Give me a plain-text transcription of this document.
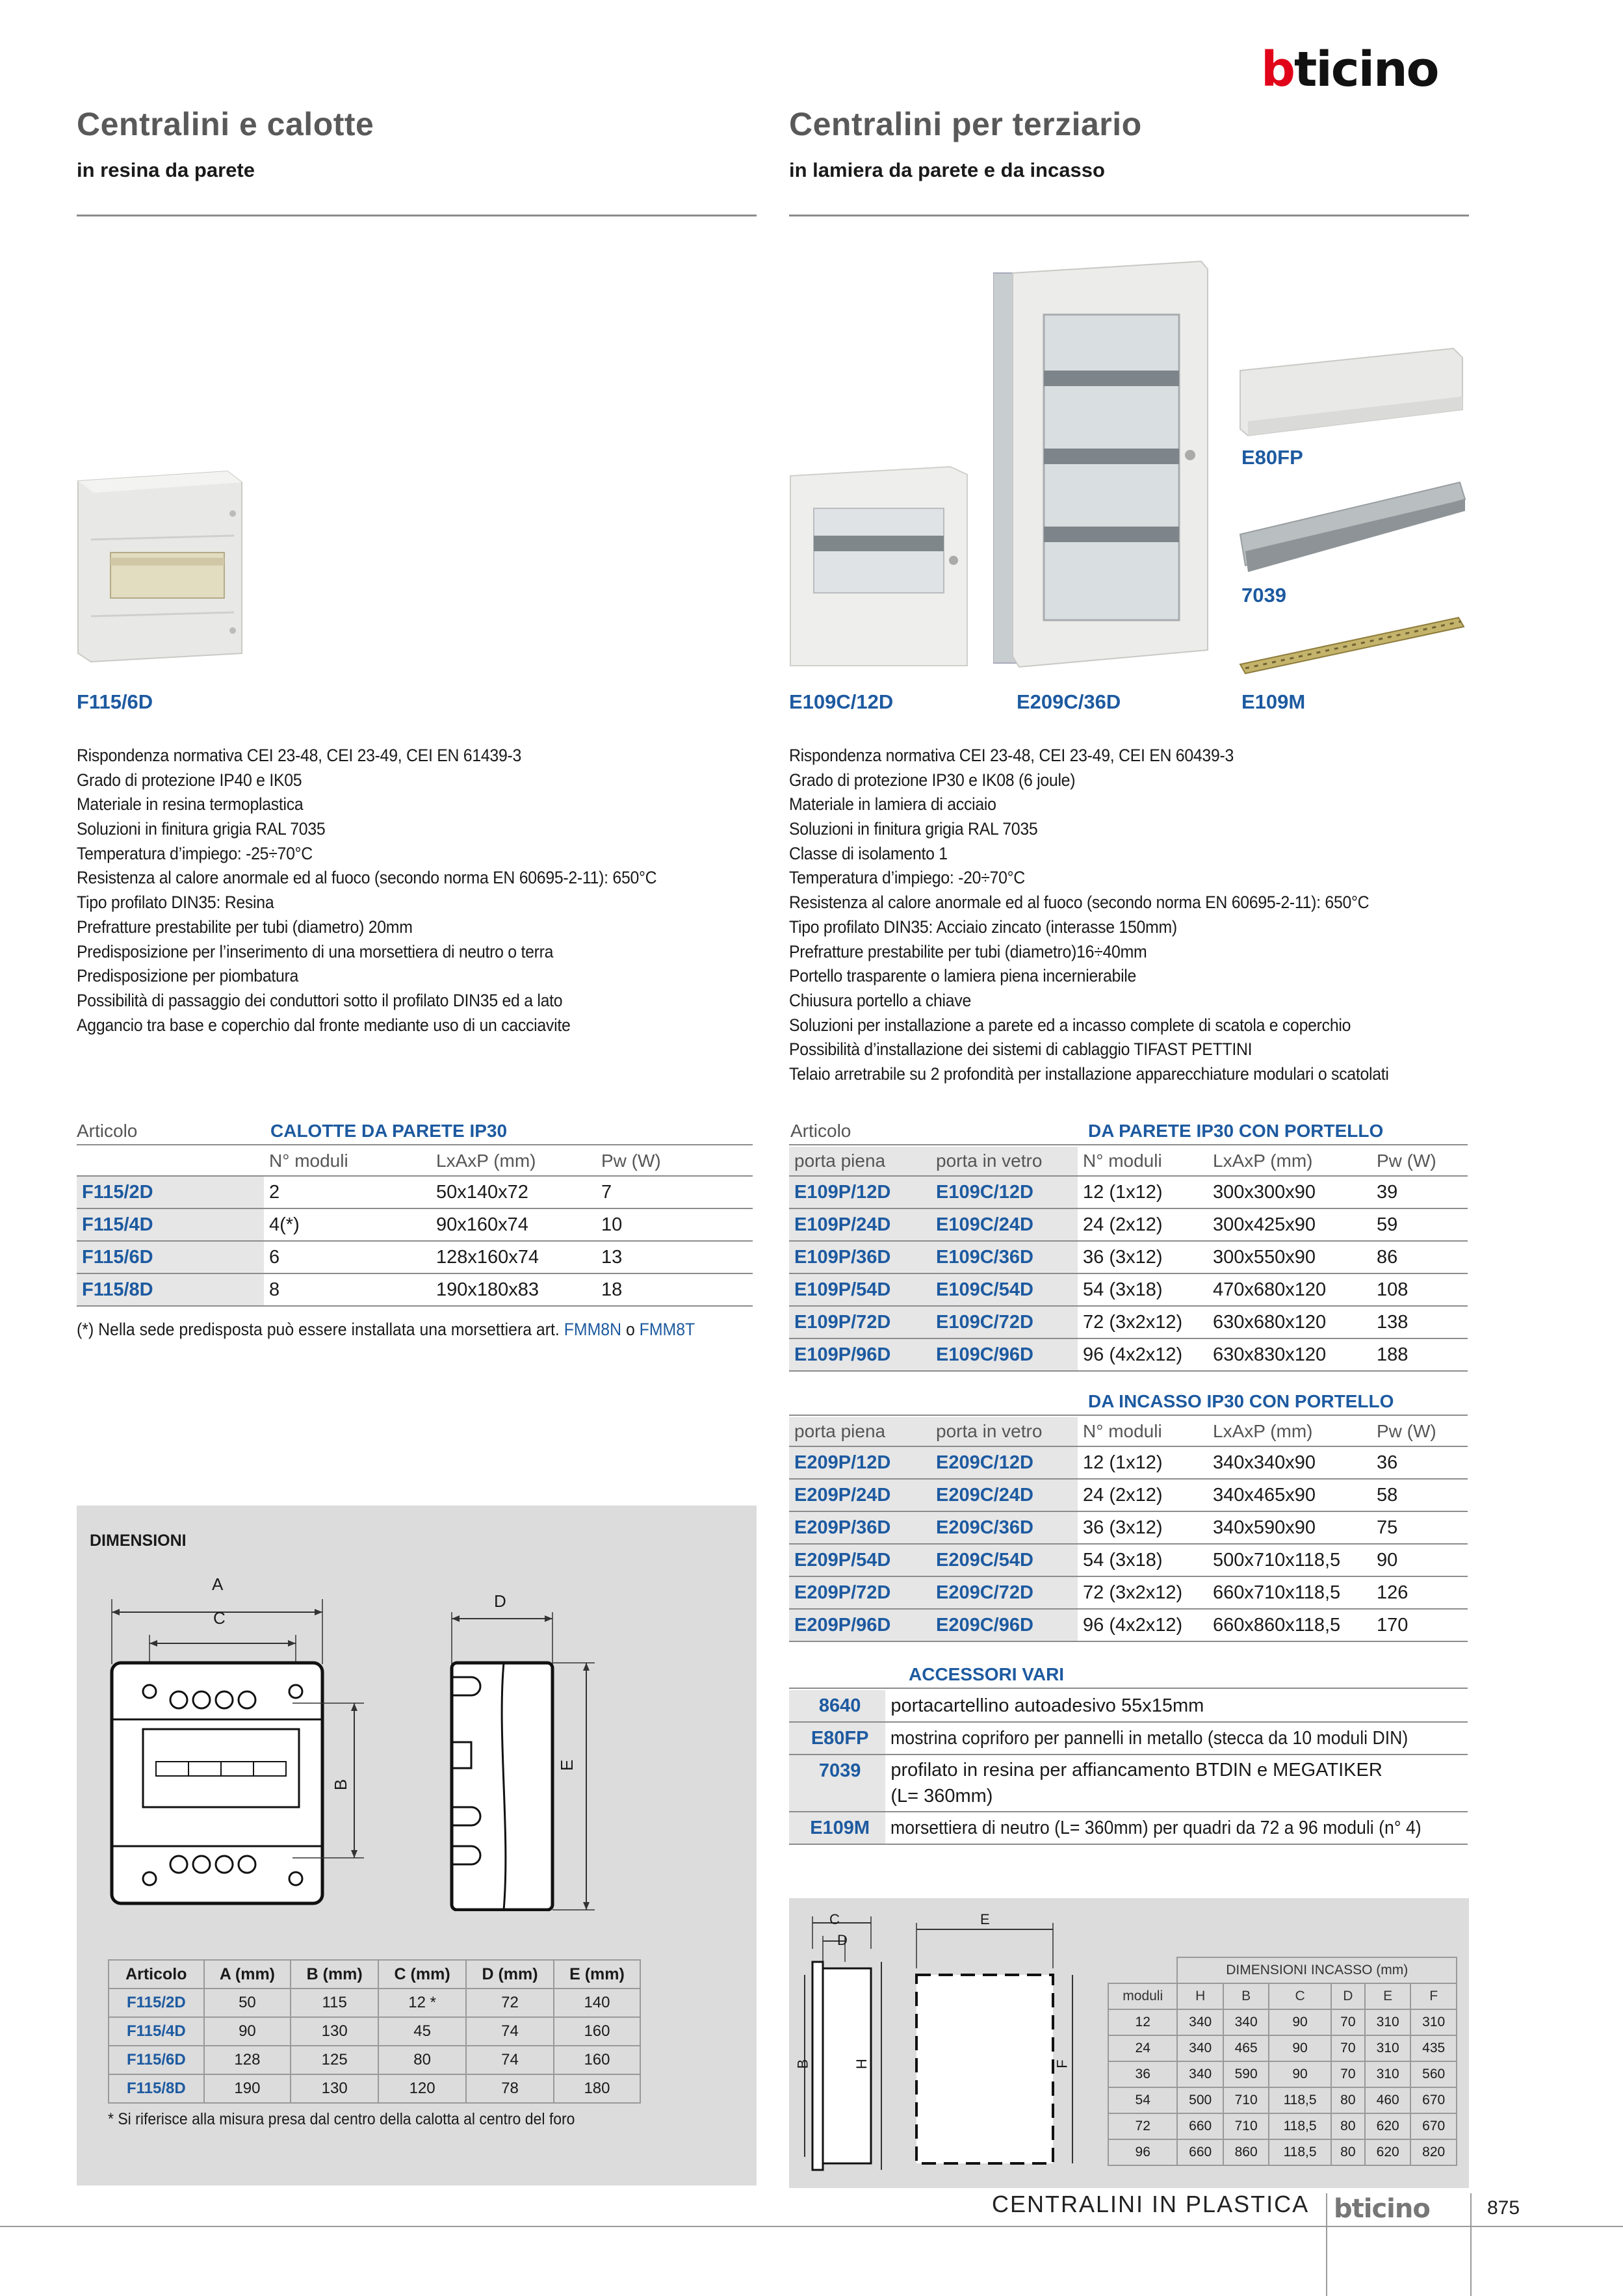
bticino
Centralini e calotte
in resina da parete
Centralini per terziario
in lamiera da parete e da incasso
F115/6D
E80FP
7039
E109C/12D	E209C/36D	E109M
Rispondenza normativa CEI 23-48, CEI 23-49, CEI EN 61439-3
Grado di protezione IP40 e IK05
Materiale in resina termoplastica
Soluzioni in finitura grigia RAL 7035
Temperatura d’impiego: -25÷70°C
Resistenza al calore anormale ed al fuoco (secondo norma EN 60695-2-11): 650°C
Tipo profilato DIN35: Resina
Prefratture prestabilite per tubi (diametro) 20mm
Predisposizione per l’inserimento di una morsettiera di neutro o terra
Predisposizione per piombatura
Possibilità di passaggio dei conduttori sotto il profilato DIN35 ed a lato
Aggancio tra base e coperchio dal fronte mediante uso di un cacciavite
Rispondenza normativa CEI 23-48, CEI 23-49, CEI EN 60439-3
Grado di protezione IP30 e IK08 (6 joule)
Materiale in lamiera di acciaio
Soluzioni in finitura grigia RAL 7035
Classe di isolamento 1
Temperatura d’impiego: -20÷70°C
Resistenza al calore anormale ed al fuoco (secondo norma EN 60695-2-11): 650°C
Tipo profilato DIN35: Acciaio zincato (interasse 150mm)
Prefratture prestabilite per tubi (diametro)16÷40mm
Portello trasparente o lamiera piena incernierabile
Chiusura portello a chiave
Soluzioni per installazione a parete ed a incasso complete di scatola e coperchio
Possibilità d’installazione dei sistemi di cablaggio TIFAST PETTINI
Telaio arretrabile su 2 profondità per installazione apparecchiature modulari o scatolati
Articolo	CALOTTE DA PARETE IP30
	N° moduli	LxAxP (mm)	Pw (W)
F115/2D	2	50x140x72	7
F115/4D	4(*)	90x160x74	10
F115/6D	6	128x160x74	13
F115/8D	8	190x180x83	18
(*) Nella sede predisposta può essere installata una morsettiera art. FMM8N o FMM8T
DIMENSIONI
A
C
B
D
E
Articolo	A (mm)	B (mm)	C (mm)	D (mm)	E (mm)
F115/2D	50	115	12 *	72	140
F115/4D	90	130	45	74	160
F115/6D	128	125	80	74	160
F115/8D	190	130	120	78	180
* Si riferisce alla misura presa dal centro della calotta al centro del foro
Articolo	DA PARETE IP30 CON PORTELLO
porta piena	porta in vetro	N° moduli	LxAxP (mm)	Pw (W)
E109P/12D	E109C/12D	12 (1x12)	300x300x90	39
E109P/24D	E109C/24D	24 (2x12)	300x425x90	59
E109P/36D	E109C/36D	36 (3x12)	300x550x90	86
E109P/54D	E109C/54D	54 (3x18)	470x680x120	108
E109P/72D	E109C/72D	72 (3x2x12)	630x680x120	138
E109P/96D	E109C/96D	96 (4x2x12)	630x830x120	188
DA INCASSO IP30 CON PORTELLO
porta piena	porta in vetro	N° moduli	LxAxP (mm)	Pw (W)
E209P/12D	E209C/12D	12 (1x12)	340x340x90	36
E209P/24D	E209C/24D	24 (2x12)	340x465x90	58
E209P/36D	E209C/36D	36 (3x12)	340x590x90	75
E209P/54D	E209C/54D	54 (3x18)	500x710x118,5	90
E209P/72D	E209C/72D	72 (3x2x12)	660x710x118,5	126
E209P/96D	E209C/96D	96 (4x2x12)	660x860x118,5	170
ACCESSORI VARI
8640	portacartellino autoadesivo 55x15mm
E80FP	mostrina copriforo per pannelli in metallo (stecca da 10 moduli DIN)
7039	profilato in resina per affiancamento BTDIN e MEGATIKER
(L= 360mm)

E109M	morsettiera di neutro (L= 360mm) per quadri da 72 a 96 moduli (n° 4)
C
D
B	H
E
F
	DIMENSIONI INCASSO (mm)					
moduli	H	B	C	D	E	F
12	340	340	90	70	310	310
24	340	465	90	70	310	435
36	340	590	90	70	310	560
54	500	710	118,5	80	460	670
72	660	710	118,5	80	620	670
96	660	860	118,5	80	620	820
CENTRALINI IN PLASTICA bticino	875
